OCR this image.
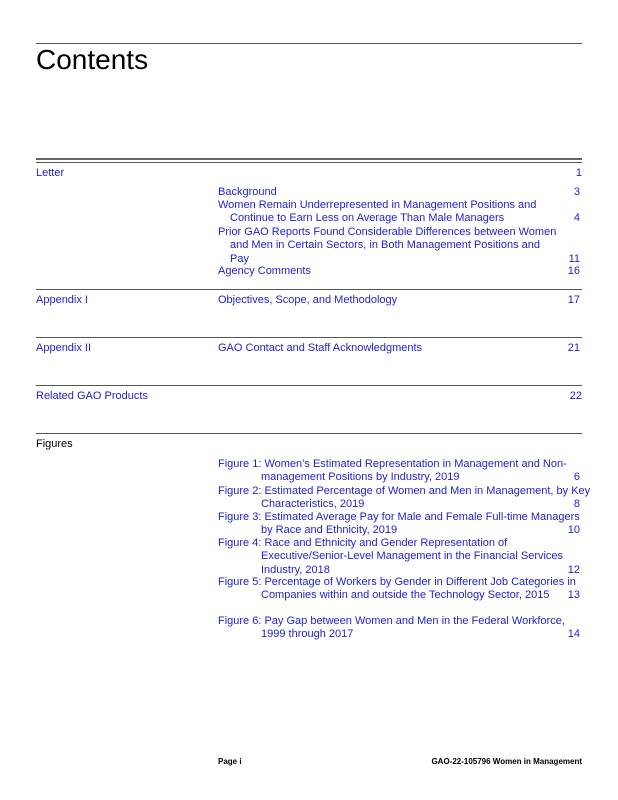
Contents
Letter	1
Background	3
Women Remain Underrepresented in Management Positions and Continue to Earn Less on Average Than Male Managers	4
Prior GAO Reports Found Considerable Differences between Women and Men in Certain Sectors, in Both Management Positions and Pay	11
Agency Comments	16
Appendix I	Objectives, Scope, and Methodology	17
Appendix II	GAO Contact and Staff Acknowledgments	21
Related GAO Products	22
Figures
Figure 1: Women’s Estimated Representation in Management and Non-management Positions by Industry, 2019	6
Figure 2: Estimated Percentage of Women and Men in Management, by Key Characteristics, 2019	8
Figure 3: Estimated Average Pay for Male and Female Full-time Managers by Race and Ethnicity, 2019	10
Figure 4: Race and Ethnicity and Gender Representation of Executive/Senior-Level Management in the Financial Services Industry, 2018	12
Figure 5: Percentage of Workers by Gender in Different Job Categories in Companies within and outside the Technology Sector, 2015	13
Figure 6: Pay Gap between Women and Men in the Federal Workforce, 1999 through 2017	14
Page i	GAO-22-105796 Women in Management
